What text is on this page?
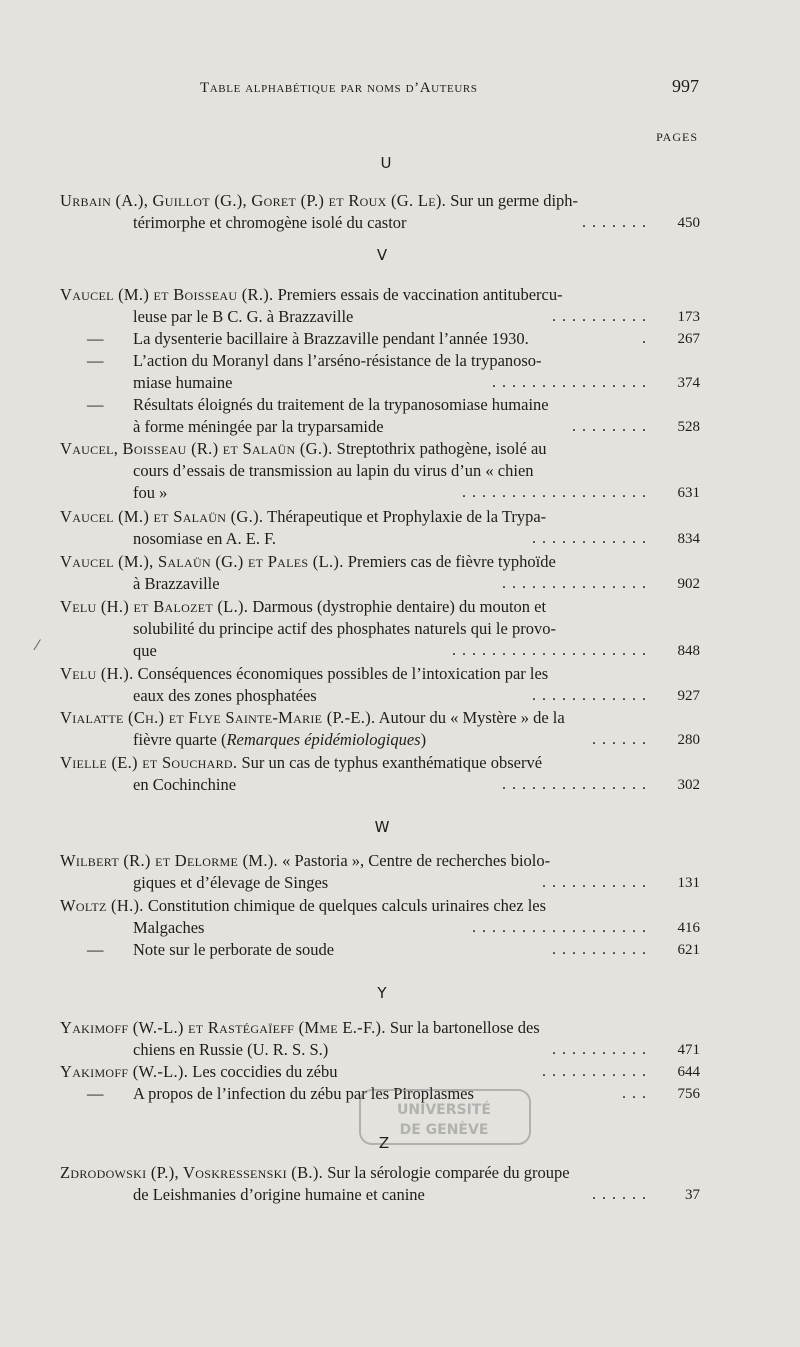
Table alphabétique par noms d’Auteurs	997
PAGES
U
Urbain (A.), Guillot (G.), Goret (P.) et Roux (G. Le). Sur un germe diph-
térimorphe et chromogène isolé du castor	.......	450
V
Vaucel (M.) et Boisseau (R.). Premiers essais de vaccination antitubercu-
leuse par le B C. G. à Brazzaville	..........	173
— La dysenterie bacillaire à Brazzaville pendant l’année 1930.	.	267
— L’action du Moranyl dans l’arséno-résistance de la trypanoso-
miase humaine	................	374
— Résultats éloignés du traitement de la trypanosomiase humaine
à forme méningée par la tryparsamide	........	528
Vaucel, Boisseau (R.) et Salaün (G.). Streptothrix pathogène, isolé au
cours d’essais de transmission au lapin du virus d’un « chien
fou »	...................	631
Vaucel (M.) et Salaün (G.). Thérapeutique et Prophylaxie de la Trypa-
nosomiase en A. E. F.	............	834
Vaucel (M.), Salaün (G.) et Pales (L.). Premiers cas de fièvre typhoïde
à Brazzaville	...............	902
Velu (H.) et Balozet (L.). Darmous (dystrophie dentaire) du mouton et
solubilité du principe actif des phosphates naturels qui le provo-
que	....................	848
Velu (H.). Conséquences économiques possibles de l’intoxication par les
eaux des zones phosphatées	............	927
Vialatte (Ch.) et Flye Sainte-Marie (P.-E.). Autour du « Mystère » de la
fièvre quarte (Remarques épidémiologiques)	......	280
Vielle (E.) et Souchard. Sur un cas de typhus exanthématique observé
en Cochinchine	...............	302
W
Wilbert (R.) et Delorme (M.). « Pastoria », Centre de recherches biolo-
giques et d’élevage de Singes	...........	131
Woltz (H.). Constitution chimique de quelques calculs urinaires chez les
Malgaches	..................	416
— Note sur le perborate de soude	..........	621
Y
Yakimoff (W.-L.) et Rastégaïeff (Mme E.-F.). Sur la bartonellose des
chiens en Russie (U. R. S. S.)	..........	471
Yakimoff (W.-L.). Les coccidies du zébu	...........	644
— A propos de l’infection du zébu par les Piroplasmes	...	756
Z
Zdrodowski (P.), Voskressenski (B.). Sur la sérologie comparée du groupe
de Leishmanies d’origine humaine et canine	......	37
UNIVERSITÉ
DE GENÈVE
⁄
